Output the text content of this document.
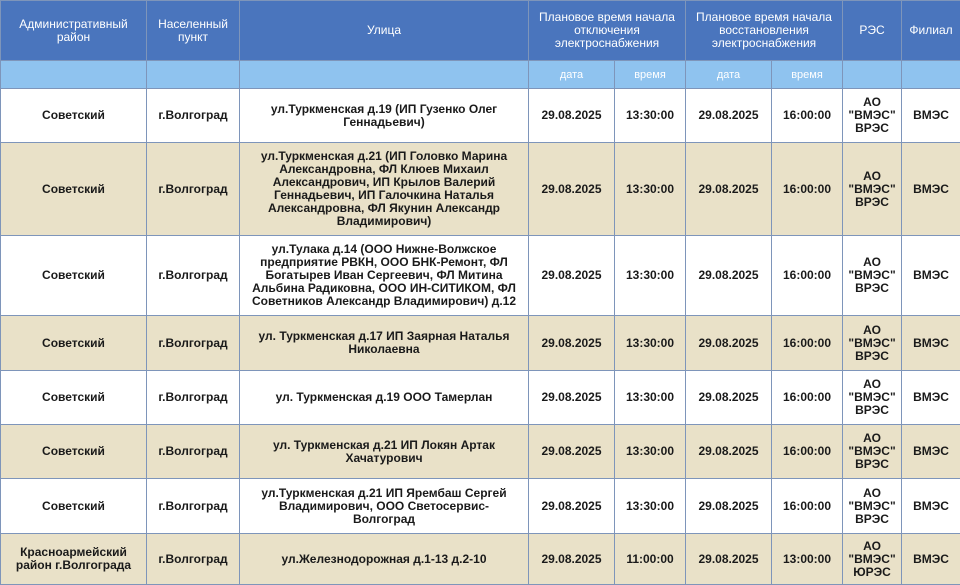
Административный район	Населенный пункт	Улица	Плановое время начала отключения электроснабжения		Плановое время начала восстановления электроснабжения		РЭС	Филиал
			дата	время	дата	время		
Советский	г.Волгоград	ул.Туркменская д.19 (ИП Гузенко Олег Геннадьевич)	29.08.2025	13:30:00	29.08.2025	16:00:00	АО "ВМЭС" ВРЭС	ВМЭС
Советский	г.Волгоград	ул.Туркменская д.21 (ИП Головко Марина Александровна, ФЛ Клюев Михаил Александрович, ИП Крылов Валерий Геннадьевич, ИП Галочкина Наталья Александровна, ФЛ Якунин Александр Владимирович)	29.08.2025	13:30:00	29.08.2025	16:00:00	АО "ВМЭС" ВРЭС	ВМЭС
Советский	г.Волгоград	ул.Тулака д.14 (ООО Нижне-Волжское предприятие РВКН, ООО БНК-Ремонт, ФЛ Богатырев Иван Сергеевич, ФЛ Митина Альбина Радиковна, ООО ИН-СИТИКОМ, ФЛ Советников Александр Владимирович) д.12	29.08.2025	13:30:00	29.08.2025	16:00:00	АО "ВМЭС" ВРЭС	ВМЭС
Советский	г.Волгоград	ул. Туркменская д.17 ИП Заярная Наталья Николаевна	29.08.2025	13:30:00	29.08.2025	16:00:00	АО "ВМЭС" ВРЭС	ВМЭС
Советский	г.Волгоград	ул. Туркменская д.19 ООО Тамерлан	29.08.2025	13:30:00	29.08.2025	16:00:00	АО "ВМЭС" ВРЭС	ВМЭС
Советский	г.Волгоград	ул. Туркменская д.21 ИП Локян Артак Хачатурович	29.08.2025	13:30:00	29.08.2025	16:00:00	АО "ВМЭС" ВРЭС	ВМЭС
Советский	г.Волгоград	ул.Туркменская д.21 ИП Ярембаш Сергей Владимирович, ООО Светосервис-Волгоград	29.08.2025	13:30:00	29.08.2025	16:00:00	АО "ВМЭС" ВРЭС	ВМЭС
Красноармейский район г.Волгограда	г.Волгоград	ул.Железнодорожная д.1-13 д.2-10	29.08.2025	11:00:00	29.08.2025	13:00:00	АО "ВМЭС" ЮРЭС	ВМЭС
